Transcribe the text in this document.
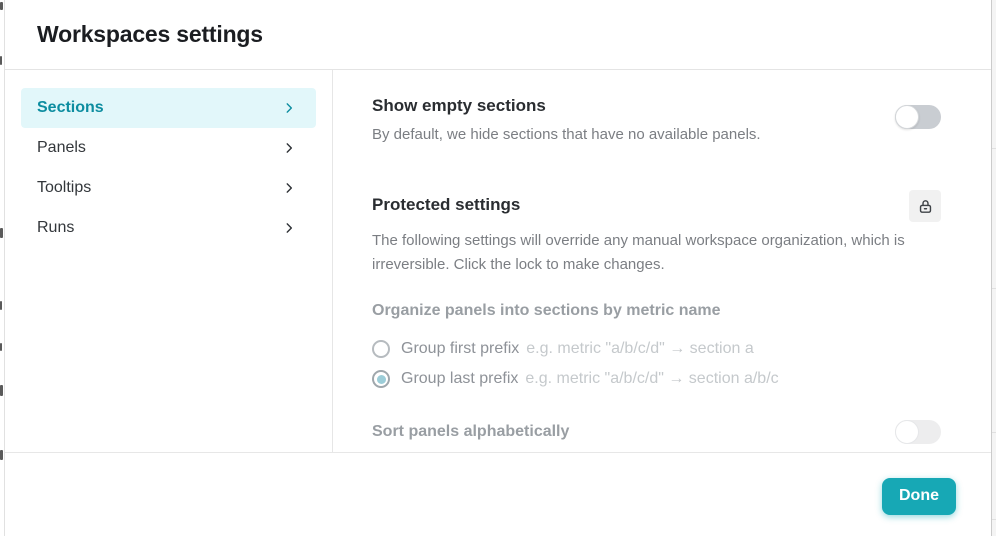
Workspaces settings
Sections
Panels
Tooltips
Runs
Show empty sections
By default, we hide sections that have no available panels.
Protected settings
The following settings will override any manual workspace organization, which is irreversible. Click the lock to make changes.
Organize panels into sections by metric name
Group first prefix e.g. metric "a/b/c/d" → section a
Group last prefix e.g. metric "a/b/c/d" → section a/b/c
Sort panels alphabetically
Done
